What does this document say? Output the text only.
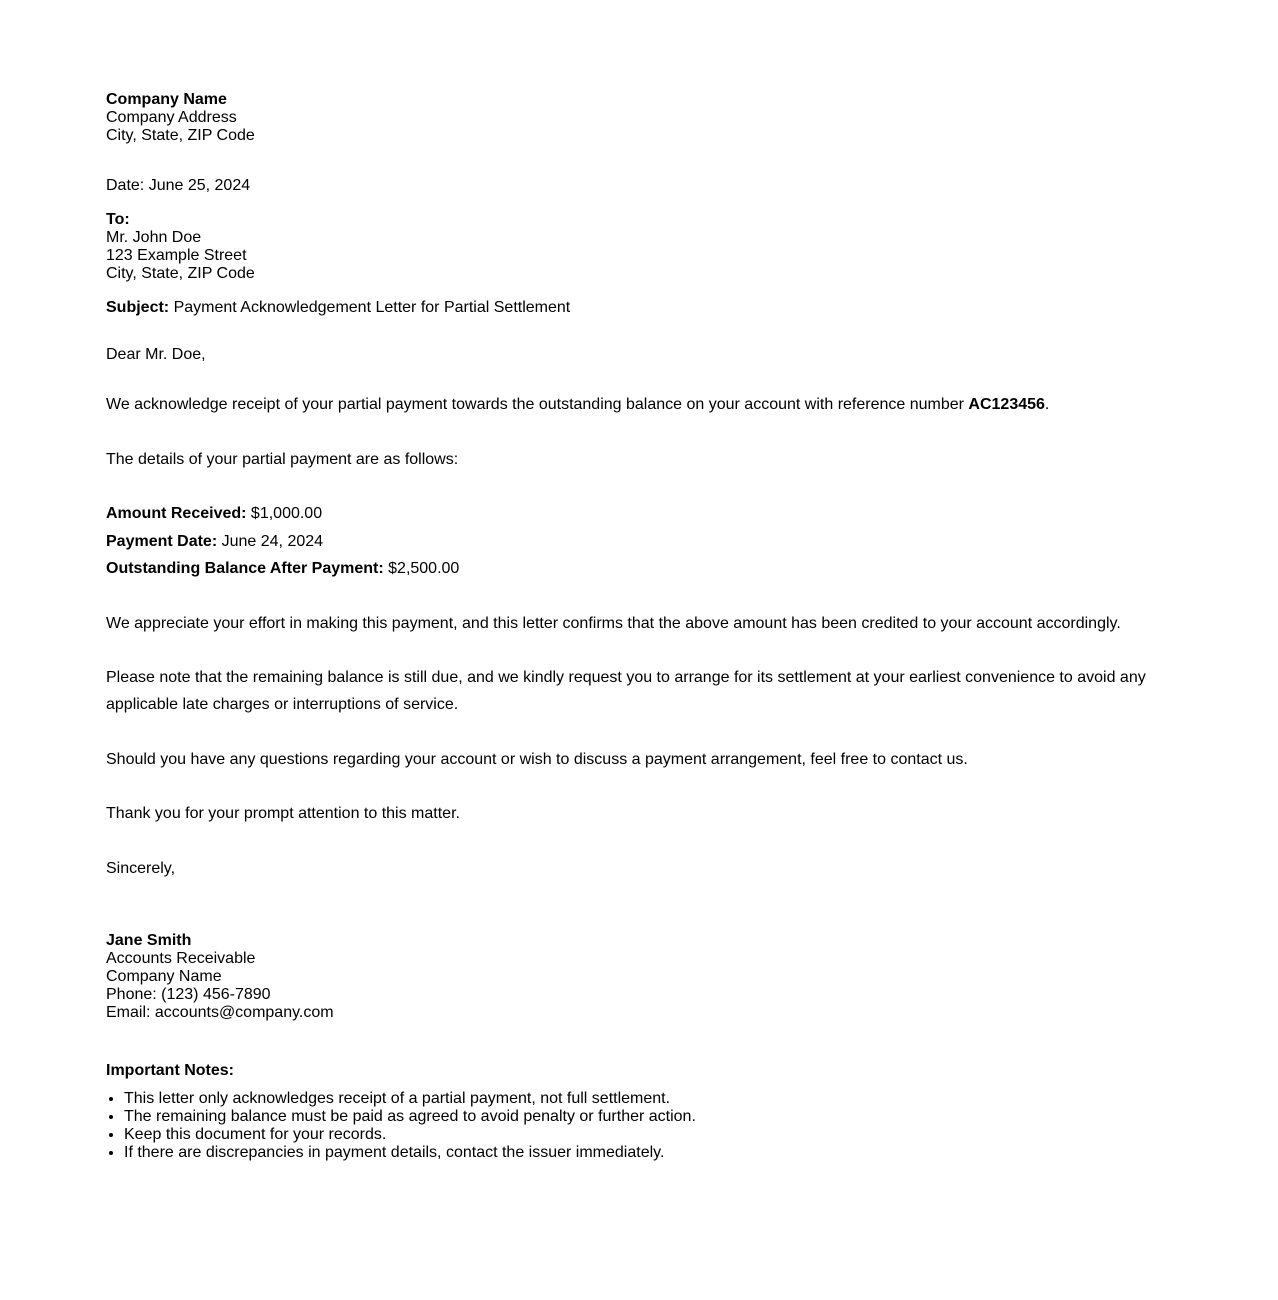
Company Name
Company Address
City, State, ZIP Code
Date: June 25, 2024
To:
Mr. John Doe
123 Example Street
City, State, ZIP Code
Subject: Payment Acknowledgement Letter for Partial Settlement
Dear Mr. Doe,

We acknowledge receipt of your partial payment towards the outstanding balance on your account with reference number AC123456.

The details of your partial payment are as follows:

Amount Received: $1,000.00
Payment Date: June 24, 2024
Outstanding Balance After Payment: $2,500.00

We appreciate your effort in making this payment, and this letter confirms that the above amount has been credited to your account accordingly.

Please note that the remaining balance is still due, and we kindly request you to arrange for its settlement at your earliest convenience to avoid any applicable late charges or interruptions of service.

Should you have any questions regarding your account or wish to discuss a payment arrangement, feel free to contact us.

Thank you for your prompt attention to this matter.

Sincerely,
Jane Smith
Accounts Receivable
Company Name
Phone: (123) 456-7890
Email: accounts@company.com
Important Notes:
• This letter only acknowledges receipt of a partial payment, not full settlement.
• The remaining balance must be paid as agreed to avoid penalty or further action.
• Keep this document for your records.
• If there are discrepancies in payment details, contact the issuer immediately.
